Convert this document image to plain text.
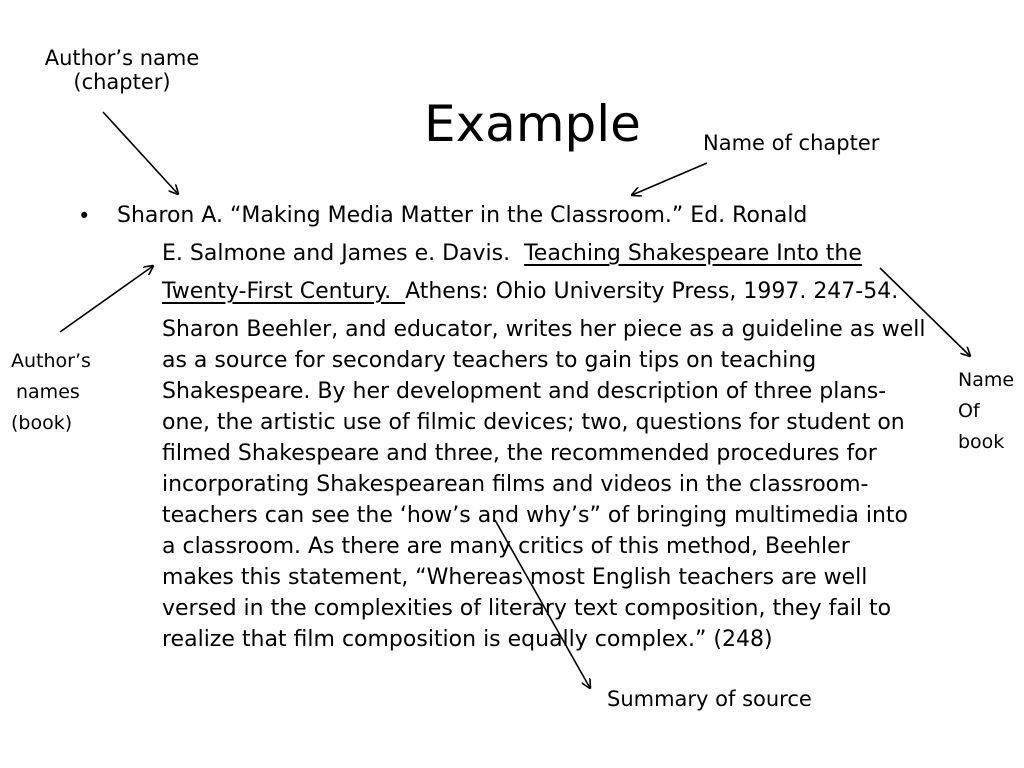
Example
Author’s name
(chapter)
Name of chapter
Author’s
names
(book)
Name
Of
book
Summary of source
• Sharon A. “Making Media Matter in the Classroom.” Ed. Ronald
E. Salmone and James e. Davis.  Teaching Shakespeare Into the
Twenty-First Century.  Athens: Ohio University Press, 1997. 247-54.
Sharon Beehler, and educator, writes her piece as a guideline as well
as a source for secondary teachers to gain tips on teaching
Shakespeare. By her development and description of three plans-
one, the artistic use of filmic devices; two, questions for student on
filmed Shakespeare and three, the recommended procedures for
incorporating Shakespearean films and videos in the classroom-
teachers can see the ‘how’s and why’s” of bringing multimedia into
a classroom. As there are many critics of this method, Beehler
makes this statement, “Whereas most English teachers are well
versed in the complexities of literary text composition, they fail to
realize that film composition is equally complex.” (248)
